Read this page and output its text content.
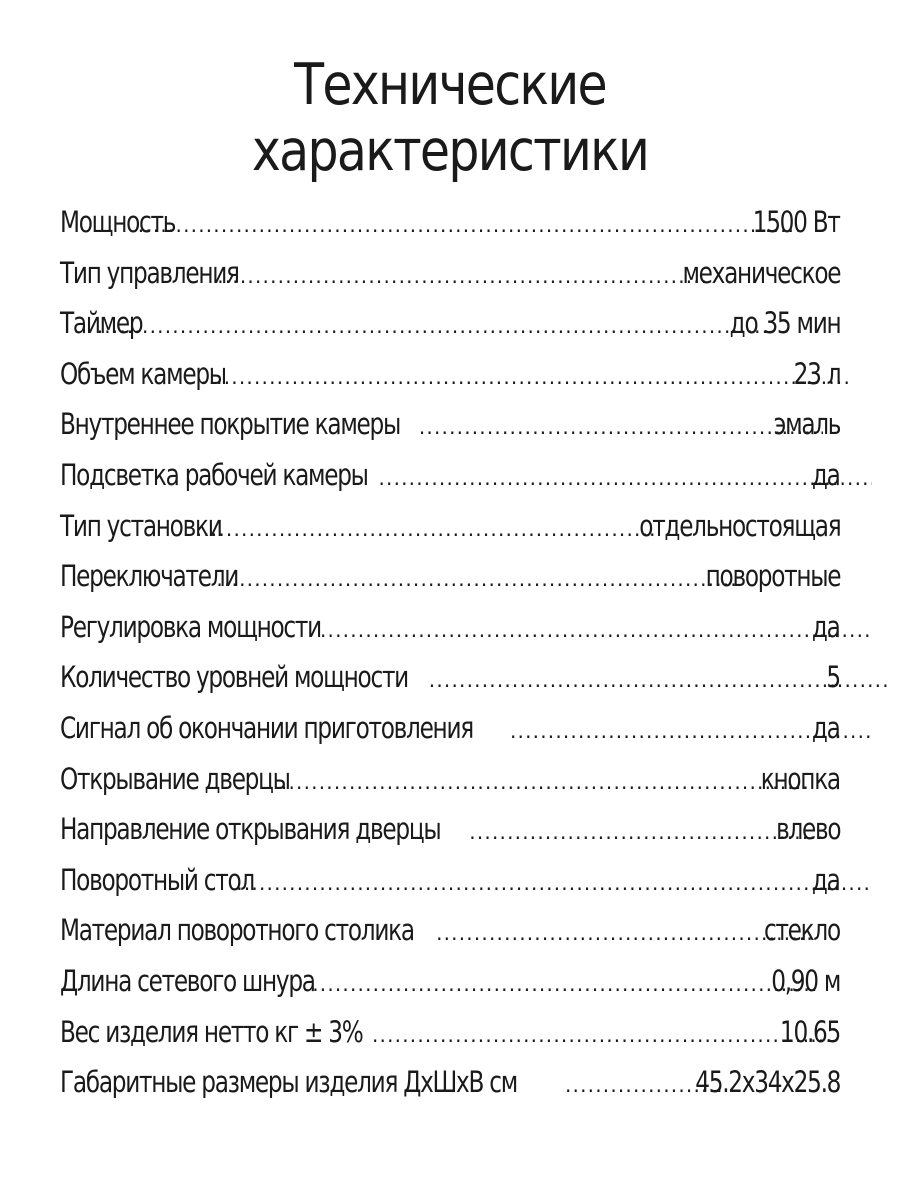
Технические
характеристики
Мощность .....	1500 Вт
Тип управления .....	механическое
Таймер .....	до 35 мин
Объем камеры .....	23 л
Внутреннее покрытие камеры .....	эмаль
Подсветка рабочей камеры .....	да
Тип установки .....	отдельностоящая
Переключатели .....	поворотные
Регулировка мощности .....	да
Количество уровней мощности .....	5
Сигнал об окончании приготовления .....	да
Открывание дверцы .....	кнопка
Направление открывания дверцы .....	влево
Поворотный стол .....	да
Материал поворотного столика .....	стекло
Длина сетевого шнура .....	0,90 м
Вес изделия нетто кг ± 3% .....	10.65
Габаритные размеры изделия ДхШхВ см .....	45.2x34x25.8
